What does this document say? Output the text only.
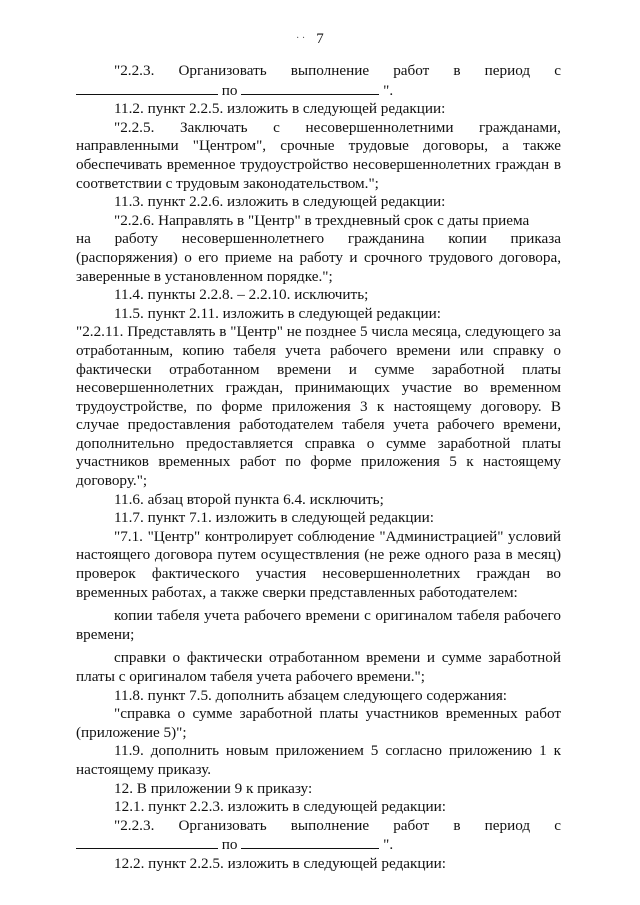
· · 7
"2.2.3. Организовать выполнение работ в период с

по	".

11.2. пункт 2.2.5. изложить в следующей редакции:

"2.2.5. Заключать с несовершеннолетними гражданами,

направленными "Центром", срочные трудовые договоры, а также обеспечивать временное трудоустройство несовершеннолетних граждан в соответствии с трудовым законодательством.";

11.3. пункт 2.2.6. изложить в следующей редакции:

"2.2.6. Направлять в "Центр" в трехдневный срок с даты приема

на работу несовершеннолетнего гражданина копии приказа

(распоряжения) о его приеме на работу и срочного трудового договора, заверенные в установленном порядке.";

11.4. пункты 2.2.8. – 2.2.10. исключить;

11.5. пункт 2.11. изложить в следующей редакции:

"2.2.11. Представлять в "Центр" не позднее 5 числа месяца, следующего за отработанным, копию табеля учета рабочего времени или справку о фактически отработанном времени и сумме заработной платы несовершеннолетних граждан, принимающих участие во временном трудоустройстве, по форме приложения 3 к настоящему договору. В случае предоставления работодателем табеля учета рабочего времени, дополнительно предоставляется справка о сумме заработной платы участников временных работ по форме приложения 5 к настоящему договору.";

11.6. абзац второй пункта 6.4. исключить;

11.7. пункт 7.1. изложить в следующей редакции:

"7.1. "Центр" контролирует соблюдение "Администрацией" условий настоящего договора путем осуществления (не реже одного раза в месяц) проверок фактического участия несовершеннолетних граждан во временных работах, а также сверки представленных работодателем:

копии табеля учета рабочего времени с оригиналом табеля рабочего времени;

справки о фактически отработанном времени и сумме заработной платы с оригиналом табеля учета рабочего времени.";

11.8. пункт 7.5. дополнить абзацем следующего содержания:

"справка о сумме заработной платы участников временных работ (приложение 5)";

11.9. дополнить новым приложением 5 согласно приложению 1 к настоящему приказу.

12. В приложении 9 к приказу:

12.1. пункт 2.2.3. изложить в следующей редакции:

"2.2.3. Организовать выполнение работ в период с

по	".

12.2. пункт 2.2.5. изложить в следующей редакции:
